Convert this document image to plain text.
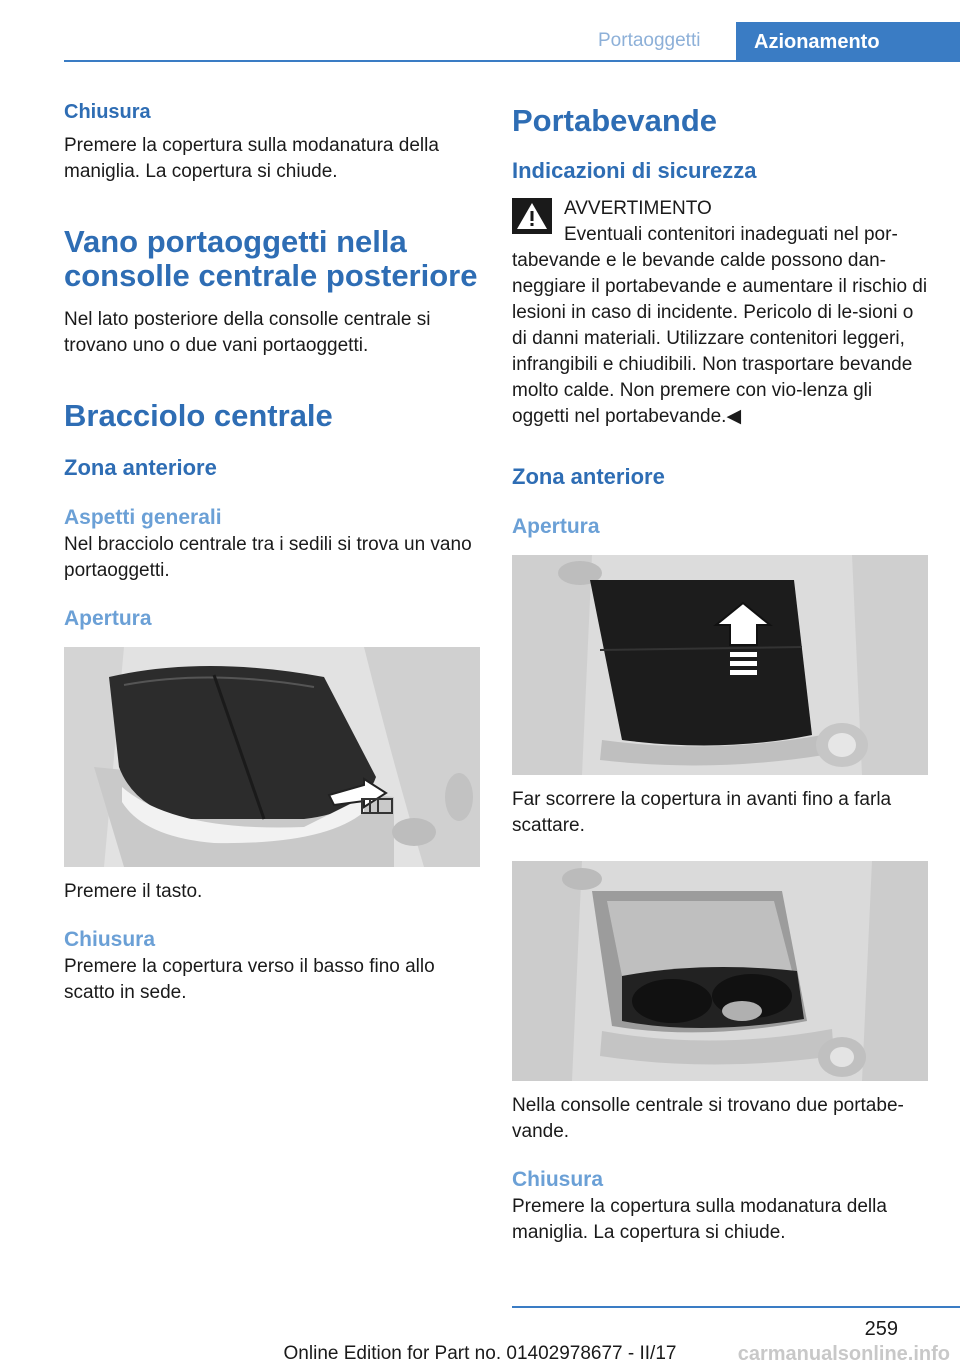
Portaoggetti	Azionamento
Chiusura

Premere la copertura sulla modanatura della maniglia. La copertura si chiude.

Vano portaoggetti nella consolle centrale posteriore

Nel lato posteriore della consolle centrale si trovano uno o due vani portaoggetti.

Bracciolo centrale
Zona anteriore
Aspetti generali

Nel bracciolo centrale tra i sedili si trova un vano portaoggetti.

Apertura

Premere il tasto.

Chiusura

Premere la copertura verso il basso fino allo scatto in sede.

Portabevande
Indicazioni di sicurezza
AVVERTIMENTO
Eventuali contenitori inadeguati nel por-

tabevande e le bevande calde possono dan-neggiare il portabevande e aumentare il rischio di lesioni in caso di incidente. Pericolo di le-sioni o di danni materiali. Utilizzare contenitori leggeri, infrangibili e chiudibili. Non trasportare bevande molto calde. Non premere con vio-lenza gli oggetti nel portabevande.◀

Zona anteriore
Apertura

Far scorrere la copertura in avanti fino a farla scattare.

Nella consolle centrale si trovano due portabe-vande.

Chiusura

Premere la copertura sulla modanatura della maniglia. La copertura si chiude.

259
Online Edition for Part no. 01402978677 - II/17	carmanualsonline.info
